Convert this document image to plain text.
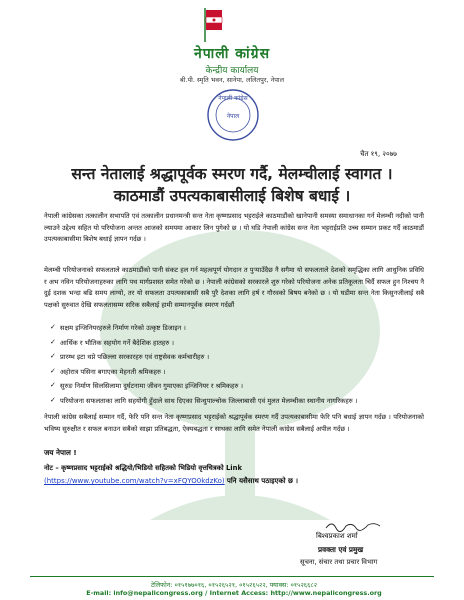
नेपाली कांग्रेस
केन्द्रीय कार्यालय
बी.पी. स्मृति भवन, सानेपा, ललितपुर, नेपाल
नेपाली कांग्रेस
नेपाल
चैत १९, २०७७
सन्त नेतालाई श्रद्धापूर्वक स्मरण गर्दै, मेलम्चीलाई स्वागत ।
काठमाडौं उपत्यकाबासीलाई बिशेष बधाई ।
नेपाली कांग्रेसका तत्कालीन सभापति एवं तत्कालीन प्रधानमन्त्री सन्त नेता कृष्णप्रसाद भट्टराईले काठमाडौंको खानेपानी समस्या समाधानका गर्न मेलम्ची नदीको पानी ल्याउने उद्देश्य सहित यो परियोजना अन्तत आजको समयमा आकार लिन पुगेको छ । यो घडि नेपाली कांग्रेस सन्त नेता भट्टराईप्रति उच्च सम्मान प्रकट गर्दै काठमाडौं उपत्यकाबासीमा बिशेष बधाई ज्ञापन गर्दछ ।
मेलम्ची परियोजनाको सफलताले काठमाडौंको पानी संकट हल गर्न महत्वपूर्ण योगदान त पुऱ्याउँदैछ नै सगैमा यो सफलताले देशको समृद्धिका लागि आधुनिक प्रविधि र अभ नविन परियोजनाहरुका लागि पथ मार्गप्रशस्त समेत गरेको छ । नेपाली कांग्रेसको सरकारले शुरु गरेको परियोजना अनेक प्रतिकूलता चिर्दै सफल हुन निश्चय नै दुई दशक भन्दा बढि समय लाग्यो, तर यो सफलता उपत्यकाबासी सबै पुरै देशका लागि हर्ष र गौरवको बिषय बनेको छ । यो घडीमा सन्त नेता किसुनजीलाई सबै पक्षको सुरुवात देखि सफलतासम्म सरिक सबैलाई हामी सम्मानपूर्वक स्मरण गर्दछौं
✓ सक्षम इन्जिनियरहरुले निर्माण गरेको उत्कृष्ट डिजाइन ।
✓ आर्थिक र भौतिक सहयोग गर्ने बैदेशिक हातहरु ।
✓ प्रारम्भ इटा थप्ने पछिल्ला सरकारहरु एवं राष्ट्रसेवक कर्मचारीहरु ।
✓ अहोरात्र पसिना बगाएका मेहनती श्रमिकहरु ।
✓ सुरुङ निर्माण सिलसिलामा दुर्घटनामा जीवन गुमाएका इन्जिनियर र श्रमिकहरु ।
✓ परियोजना सफलताका लागि सहयोगी हुँदाले साथ दिएका सिन्धुपाल्चोक जिल्लाबासी एवं मुलत मेलम्चीका स्थानीय नागरिकहरु ।
नेपाली कांग्रेस सबैलाई सम्मान गर्दै, फेरि पनि सन्त नेता कृष्णप्रसाद भट्टराईको श्रद्धापूर्वक स्मरण गर्दै उपत्यकाबासीमा फेरि पनि बधाई ज्ञापन गर्दछ । परियोजनाको भविष्य सुरुक्षीत र सफल बनाउन सबैको साझा प्रतिबद्धता, ऐक्यबद्धता र साथका लागि समेत नेपाली कांग्रेस सबैलाई अपील गर्दछ ।
जय नेपाल !
नोट – कृष्णप्रसाद भट्टराईको श्रद्धियो/भिडियो सहितको भिडियो वृत्तचित्रको Link
(https://www.youtube.com/watch?v=xFQYO0kdzKo) पनि यसैसाथ पठाइएको छ ।
बिश्वप्रकाश शर्मा
प्रवक्ता एवं प्रमुख
सूचना, संचार तथा प्रचार विभाग
टेलिफोन: ०१५१७७०१६, ०१५२६५२१, ०१५२६५२२, फ्याक्स: ०१५२६६८२
E-mail: info@nepalicongress.org / Internet Access: http://www.nepalicongress.org
